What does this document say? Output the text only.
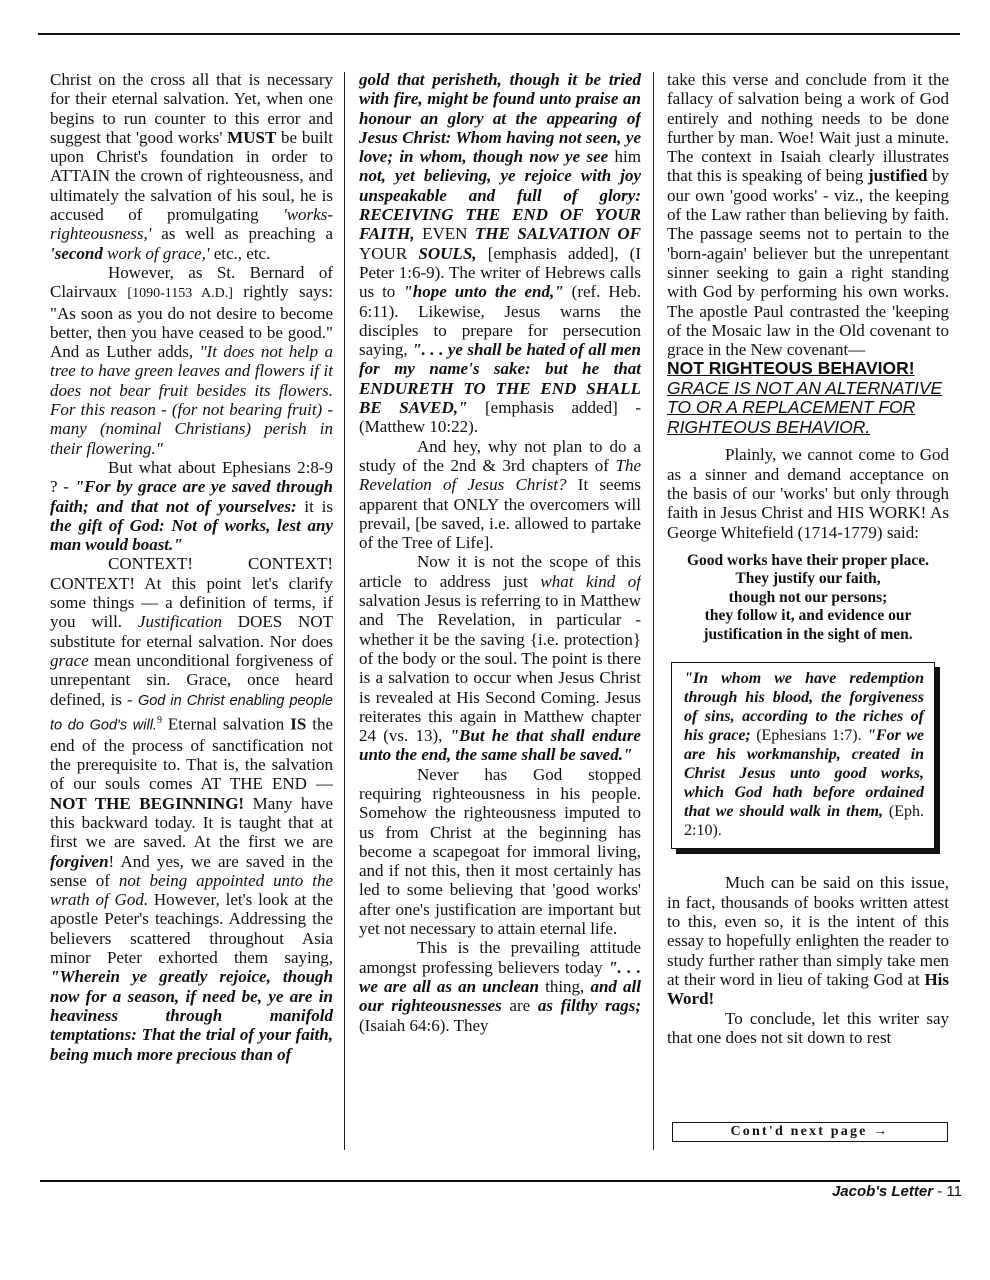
Christ on the cross all that is necessary for their eternal salvation. Yet, when one begins to run counter to this error and suggest that 'good works' MUST be built upon Christ's foundation in order to ATTAIN the crown of righteousness, and ultimately the salvation of his soul, he is accused of promulgating 'works-righteousness,' as well as preaching a 'second work of grace,' etc., etc.

However, as St. Bernard of Clairvaux [1090-1153 A.D.] rightly says: "As soon as you do not desire to become better, then you have ceased to be good." And as Luther adds, "It does not help a tree to have green leaves and flowers if it does not bear fruit besides its flowers. For this reason - (for not bearing fruit) - many (nominal Christians) perish in their flowering."

But what about Ephesians 2:8-9 ? - "For by grace are ye saved through faith; and that not of yourselves: it is the gift of God: Not of works, lest any man would boast."

CONTEXT! CONTEXT! CONTEXT! At this point let's clarify some things — a definition of terms, if you will. Justification DOES NOT substitute for eternal salvation. Nor does grace mean unconditional forgiveness of unrepentant sin. Grace, once heard defined, is - God in Christ enabling people to do God's will.$^9$ Eternal salvation IS the end of the process of sanctification not the prerequisite to. That is, the salvation of our souls comes AT THE END — NOT THE BEGINNING! Many have this backward today. It is taught that at first we are saved. At the first we are forgiven! And yes, we are saved in the sense of not being appointed unto the wrath of God. However, let's look at the apostle Peter's teachings. Addressing the believers scattered throughout Asia minor Peter exhorted them saying, "Wherein ye greatly rejoice, though now for a season, if need be, ye are in heaviness through manifold temptations: That the trial of your faith, being much more precious than of

gold that perisheth, though it be tried with fire, might be found unto praise an honour an glory at the appearing of Jesus Christ: Whom having not seen, ye love; in whom, though now ye see him not, yet believing, ye rejoice with joy unspeakable and full of glory: RECEIVING THE END OF YOUR FAITH, EVEN THE SALVATION OF YOUR SOULS, [emphasis added], (I Peter 1:6-9). The writer of Hebrews calls us to "hope unto the end," (ref. Heb. 6:11). Likewise, Jesus warns the disciples to prepare for persecution saying, ". . . ye shall be hated of all men for my name's sake: but he that ENDURETH TO THE END SHALL BE SAVED," [emphasis added] - (Matthew 10:22).

And hey, why not plan to do a study of the 2nd & 3rd chapters of The Revelation of Jesus Christ? It seems apparent that ONLY the overcomers will prevail, [be saved, i.e. allowed to partake of the Tree of Life].

Now it is not the scope of this article to address just what kind of salvation Jesus is referring to in Matthew and The Revelation, in particular - whether it be the saving {i.e. protection} of the body or the soul. The point is there is a salvation to occur when Jesus Christ is revealed at His Second Coming. Jesus reiterates this again in Matthew chapter 24 (vs. 13), "But he that shall endure unto the end, the same shall be saved."

Never has God stopped requiring righteousness in his people. Somehow the righteousness imputed to us from Christ at the beginning has become a scapegoat for immoral living, and if not this, then it most certainly has led to some believing that 'good works' after one's justification are important but yet not necessary to attain eternal life.

This is the prevailing attitude amongst professing believers today ". . . we are all as an unclean thing, and all our righteousnesses are as filthy rags; (Isaiah 64:6). They

take this verse and conclude from it the fallacy of salvation being a work of God entirely and nothing needs to be done further by man. Woe! Wait just a minute. The context in Isaiah clearly illustrates that this is speaking of being justified by our own 'good works' - viz., the keeping of the Law rather than believing by faith. The passage seems not to pertain to the 'born-again' believer but the unrepentant sinner seeking to gain a right standing with God by performing his own works. The apostle Paul contrasted the 'keeping of the Mosaic law in the Old covenant to grace in the New covenant—

NOT RIGHTEOUS BEHAVIOR!
GRACE IS NOT AN ALTERNATIVE TO OR A REPLACEMENT FOR RIGHTEOUS BEHAVIOR.

Plainly, we cannot come to God as a sinner and demand acceptance on the basis of our 'works' but only through faith in Jesus Christ and HIS WORK! As George Whitefield (1714-1779) said:

Good works have their proper place.
They justify our faith,
though not our persons;
they follow it, and evidence our
justification in the sight of men.
"In whom we have redemption through his blood, the forgiveness of sins, according to the riches of his grace; (Ephesians 1:7). "For we are his workmanship, created in Christ Jesus unto good works, which God hath before ordained that we should walk in them, (Eph. 2:10).

Much can be said on this issue, in fact, thousands of books written attest to this, even so, it is the intent of this essay to hopefully enlighten the reader to study further rather than simply take men at their word in lieu of taking God at His Word!

To conclude, let this writer say that one does not sit down to rest

Cont'd next page →
Jacob's Letter - 11
